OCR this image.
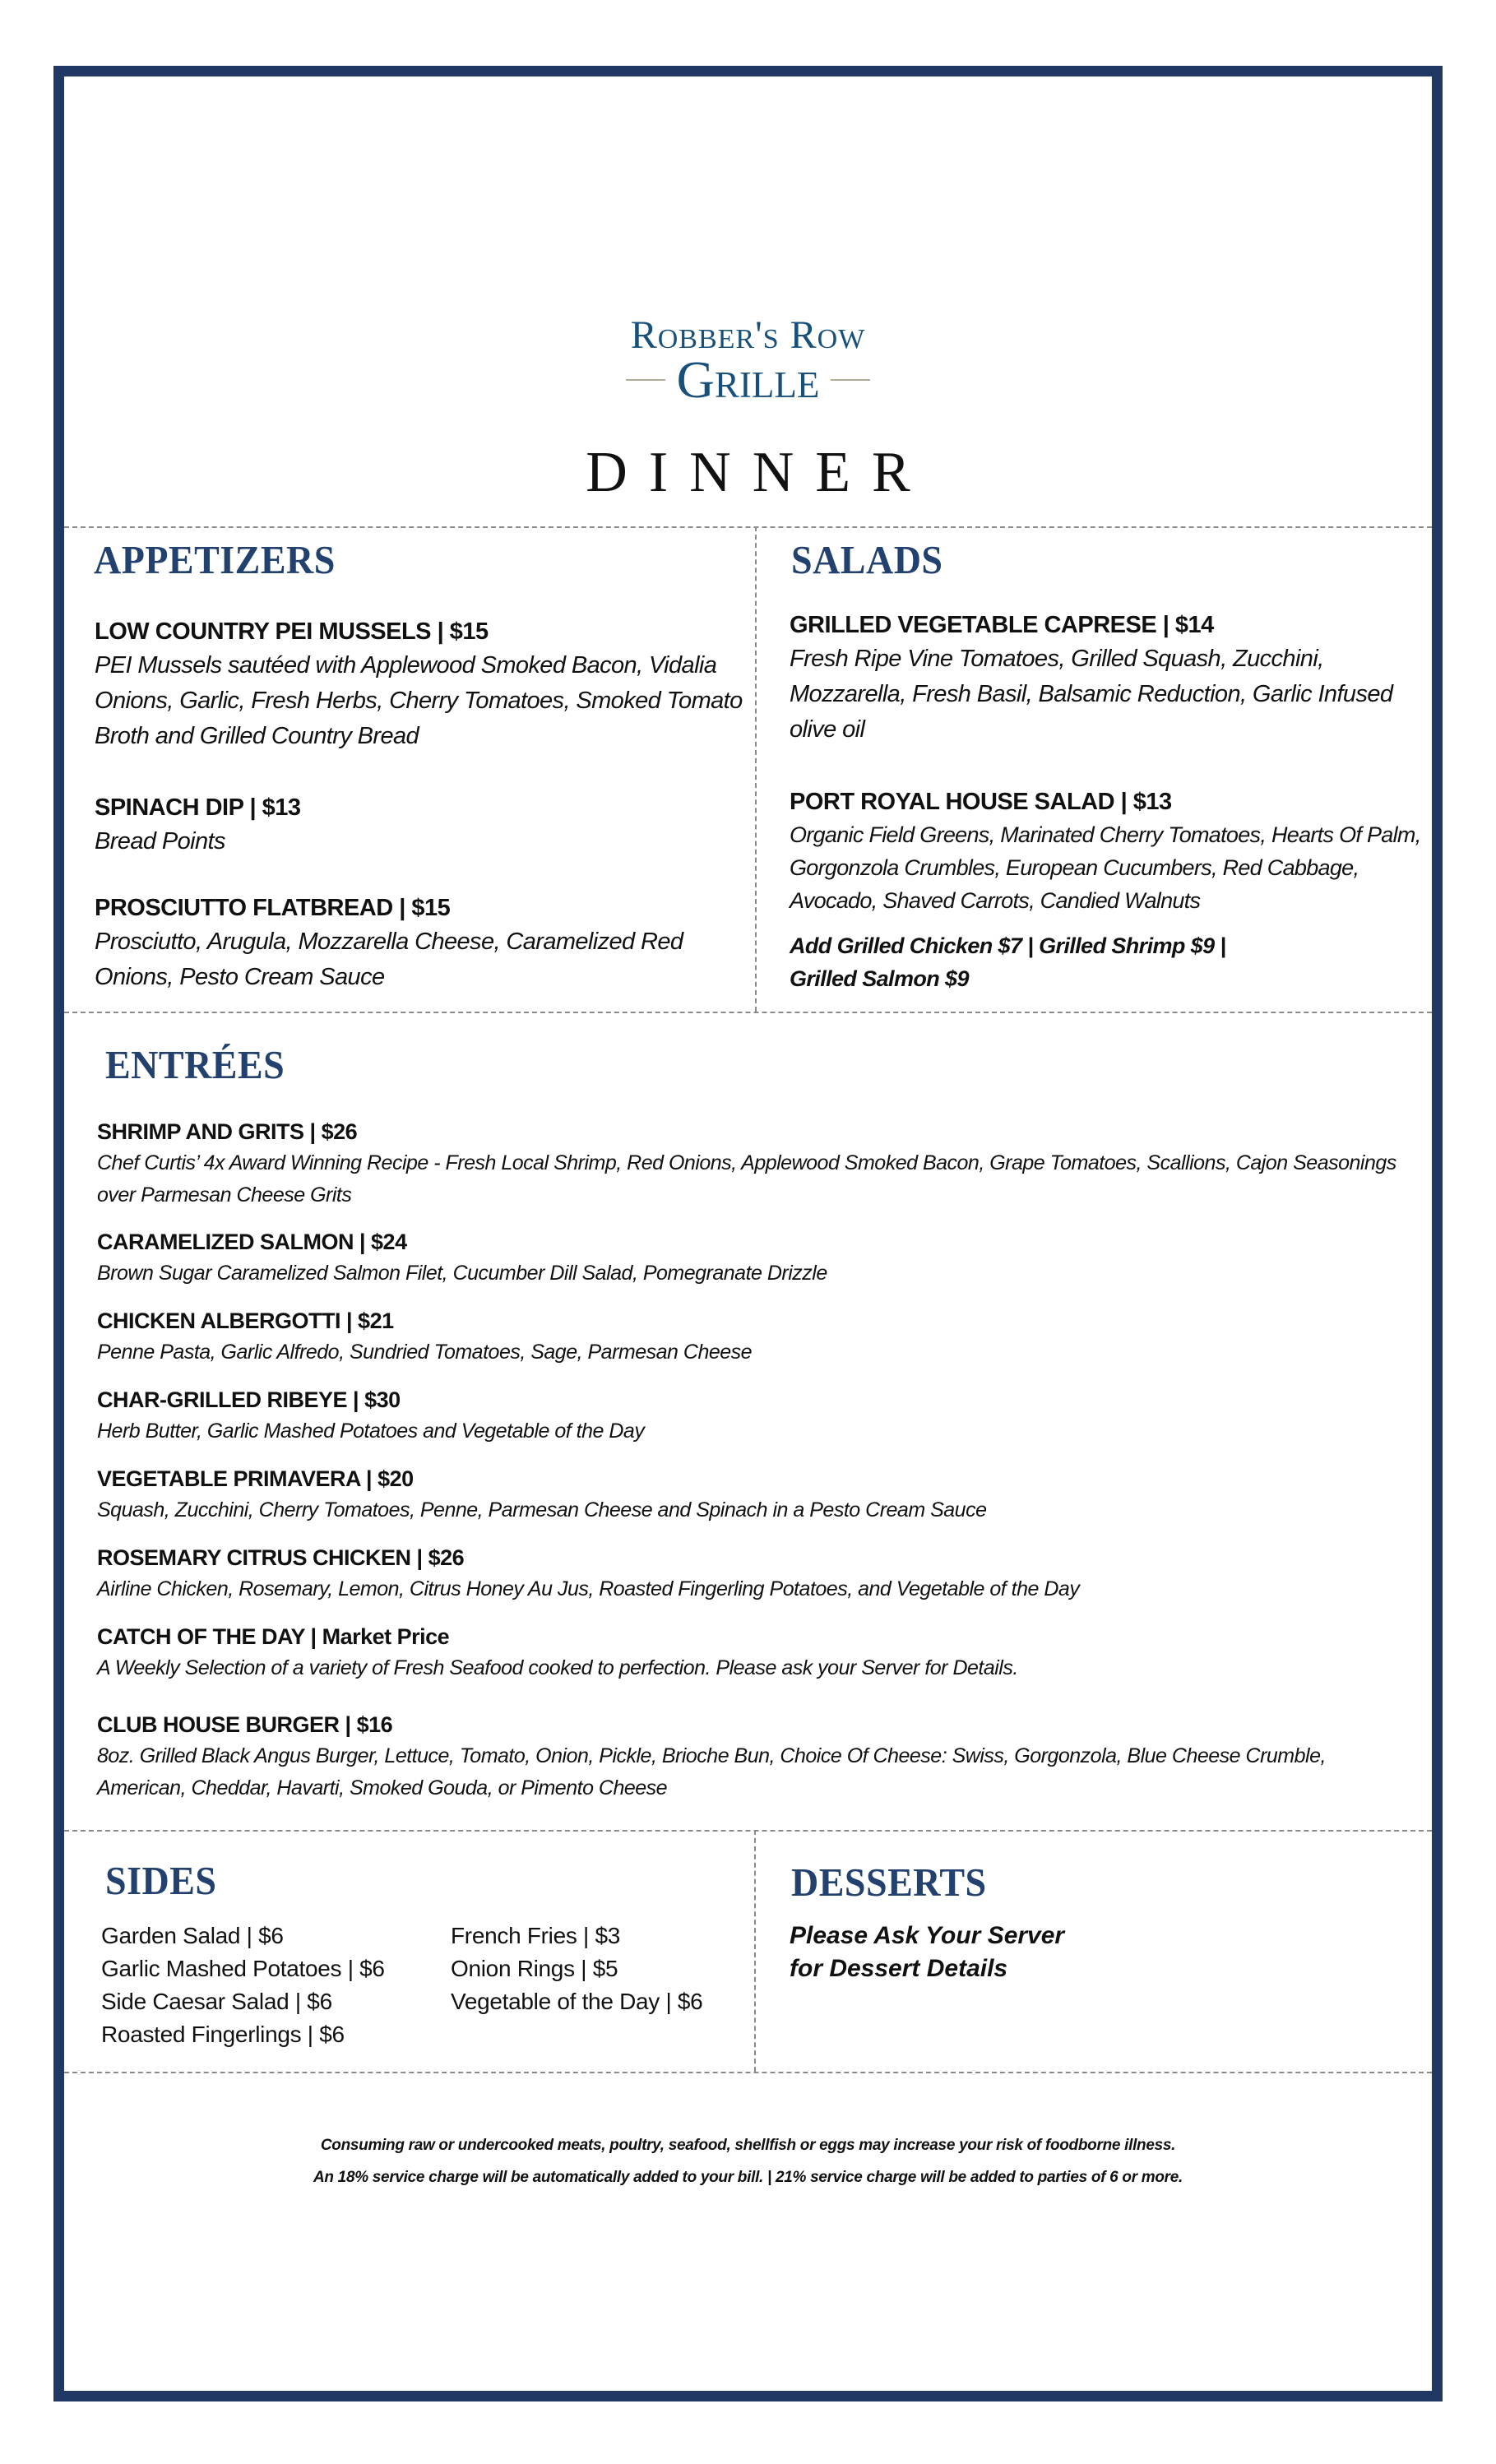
Robber's Row
Grille
DINNER
APPETIZERS
LOW COUNTRY PEI MUSSELS | $15
PEI Mussels sautéed with Applewood Smoked Bacon, Vidalia Onions, Garlic, Fresh Herbs, Cherry Tomatoes, Smoked Tomato Broth and Grilled Country Bread
SPINACH DIP | $13
Bread Points
PROSCIUTTO FLATBREAD | $15
Prosciutto, Arugula, Mozzarella Cheese, Caramelized Red Onions, Pesto Cream Sauce
SALADS
GRILLED VEGETABLE CAPRESE | $14
Fresh Ripe Vine Tomatoes, Grilled Squash, Zucchini, Mozzarella, Fresh Basil, Balsamic Reduction, Garlic Infused olive oil
PORT ROYAL HOUSE SALAD | $13
Organic Field Greens, Marinated Cherry Tomatoes, Hearts Of Palm, Gorgonzola Crumbles, European Cucumbers, Red Cabbage, Avocado, Shaved Carrots, Candied Walnuts
Add Grilled Chicken $7 | Grilled Shrimp $9 |
Grilled Salmon $9
ENTRÉES
SHRIMP AND GRITS | $26
Chef Curtis’ 4x Award Winning Recipe - Fresh Local Shrimp, Red Onions, Applewood Smoked Bacon, Grape Tomatoes, Scallions, Cajon Seasonings over Parmesan Cheese Grits
CARAMELIZED SALMON | $24
Brown Sugar Caramelized Salmon Filet, Cucumber Dill Salad, Pomegranate Drizzle
CHICKEN ALBERGOTTI | $21
Penne Pasta, Garlic Alfredo, Sundried Tomatoes, Sage, Parmesan Cheese
CHAR-GRILLED RIBEYE | $30
Herb Butter, Garlic Mashed Potatoes and Vegetable of the Day
VEGETABLE PRIMAVERA | $20
Squash, Zucchini, Cherry Tomatoes, Penne, Parmesan Cheese and Spinach in a Pesto Cream Sauce
ROSEMARY CITRUS CHICKEN | $26
Airline Chicken, Rosemary, Lemon, Citrus Honey Au Jus, Roasted Fingerling Potatoes, and Vegetable of the Day
CATCH OF THE DAY | Market Price
A Weekly Selection of a variety of Fresh Seafood cooked to perfection. Please ask your Server for Details.
CLUB HOUSE BURGER | $16
8oz. Grilled Black Angus Burger, Lettuce, Tomato, Onion, Pickle, Brioche Bun, Choice Of Cheese: Swiss, Gorgonzola, Blue Cheese Crumble, American, Cheddar, Havarti, Smoked Gouda, or Pimento Cheese
SIDES
Garden Salad | $6
Garlic Mashed Potatoes | $6
Side Caesar Salad | $6
Roasted Fingerlings | $6
French Fries | $3
Onion Rings | $5
Vegetable of the Day | $6
DESSERTS
Please Ask Your Server
for Dessert Details
Consuming raw or undercooked meats, poultry, seafood, shellfish or eggs may increase your risk of foodborne illness.
An 18% service charge will be automatically added to your bill. | 21% service charge will be added to parties of 6 or more.
